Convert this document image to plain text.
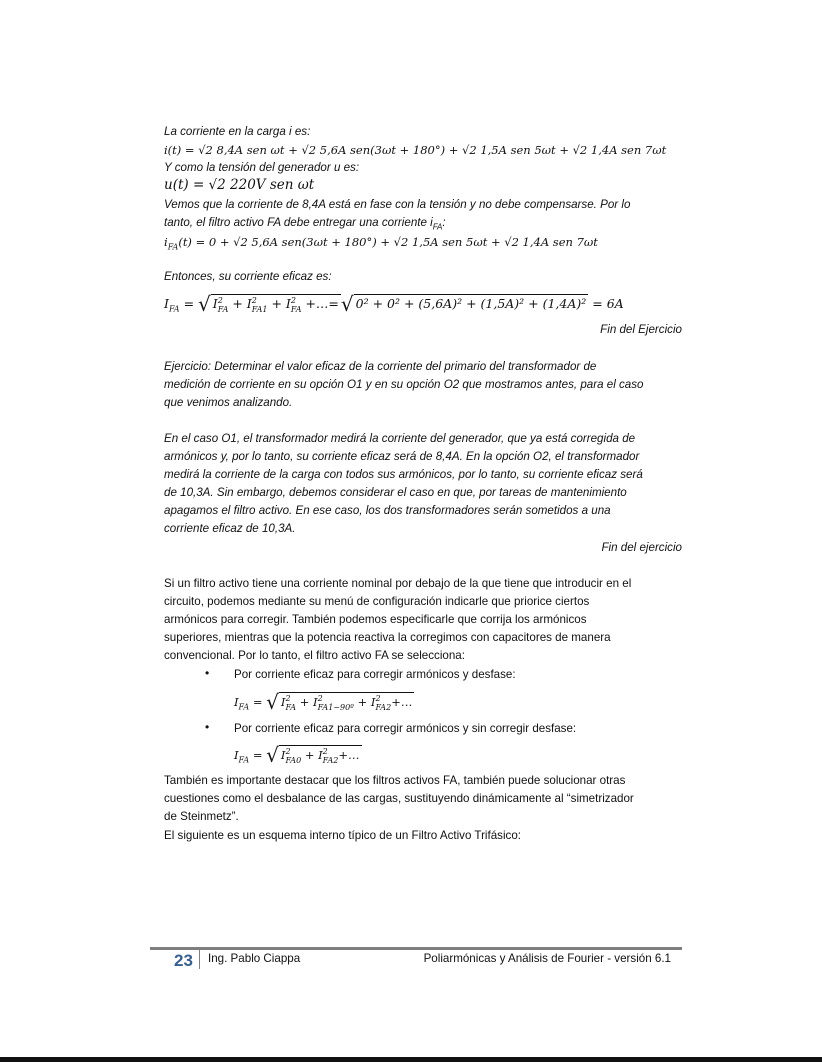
La corriente en la carga i es:
i(t) = √2 8,4A sen ωt + √2 5,6A sen(3ωt + 180°) + √2 1,5A sen 5ωt + √2 1,4A sen 7ωt
Y como la tensión del generador u es:
u(t) = √2 220V sen ωt
Vemos que la corriente de 8,4A está en fase con la tensión y no debe compensarse. Por lo
tanto, el filtro activo FA debe entregar una corriente $i_{FA}$:
$i_{FA}(t) = 0 + √2$ 5,6A sen(3ωt + 180°) + √2 1,5A sen 5ωt + √2 1,4A sen 7ωt
Entonces, su corriente eficaz es:
$I_{FA}$ = √ I 2
FA + I 2
FA1 + I 2
FA +…=√ 0² + 0² + (5,6A)² + (1,5A)² + (1,4A)² = 6A
Fin del Ejercicio
Ejercicio: Determinar el valor eficaz de la corriente del primario del transformador de
medición de corriente en su opción O1 y en su opción O2 que mostramos antes, para el caso
que venimos analizando.
En el caso O1, el transformador medirá la corriente del generador, que ya está corregida de
armónicos y, por lo tanto, su corriente eficaz será de 8,4A. En la opción O2, el transformador
medirá la corriente de la carga con todos sus armónicos, por lo tanto, su corriente eficaz será
de 10,3A. Sin embargo, debemos considerar el caso en que, por tareas de mantenimiento
apagamos el filtro activo. En ese caso, los dos transformadores serán sometidos a una
corriente eficaz de 10,3A.
Fin del ejercicio
Si un filtro activo tiene una corriente nominal por debajo de la que tiene que introducir en el
circuito, podemos mediante su menú de configuración indicarle que priorice ciertos
armónicos para corregir. También podemos especificarle que corrija los armónicos
superiores, mientras que la potencia reactiva la corregimos con capacitores de manera
convencional. Por lo tanto, el filtro activo FA se selecciona:
• Por corriente eficaz para corregir armónicos y desfase:
$I_{FA}$ = √ I 2
FA + I 2
FA1−90º + I 2
FA2 +…
• Por corriente eficaz para corregir armónicos y sin corregir desfase:
$I_{FA}$ = √ I 2
FA0 + I 2
FA2 +…
También es importante destacar que los filtros activos FA, también puede solucionar otras
cuestiones como el desbalance de las cargas, sustituyendo dinámicamente al “simetrizador
de Steinmetz”.
El siguiente es un esquema interno típico de un Filtro Activo Trifásico:
23 Ing. Pablo Ciappa	Poliarmónicas y Análisis de Fourier - versión 6.1
